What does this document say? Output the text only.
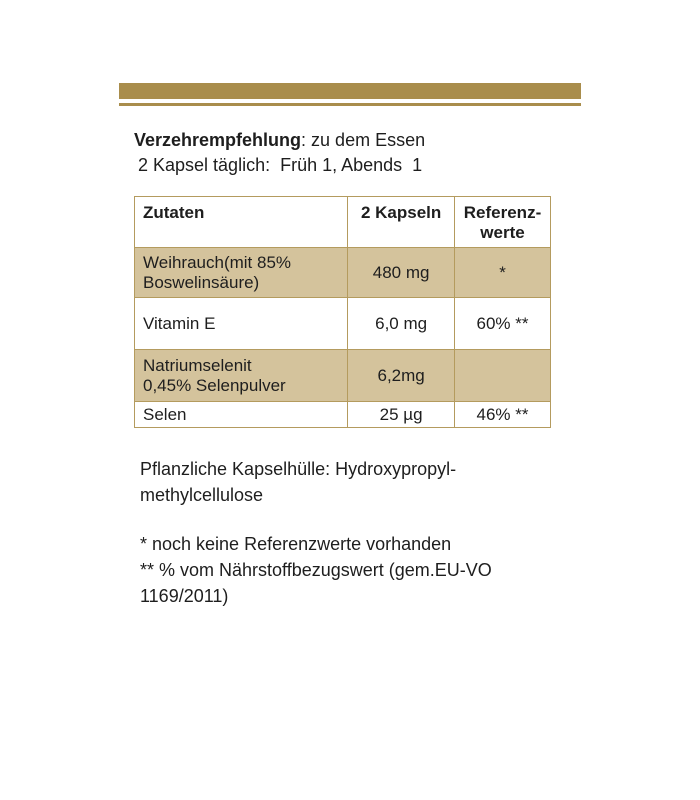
Verzehrempfehlung: zu dem Essen
2 Kapsel täglich:  Früh 1, Abends  1
Zutaten	2 Kapseln	Referenz-
werte
Weihrauch(mit 85%
Boswelinsäure)	480 mg	*
Vitamin E	6,0 mg	60% **
Natriumselenit
0,45% Selenpulver	6,2mg	
Selen	25 µg	46% **
Pflanzliche Kapselhülle: Hydroxypropyl-
methylcellulose
* noch keine Referenzwerte vorhanden
** % vom Nährstoffbezugswert (gem.EU-VO
1169/2011)
